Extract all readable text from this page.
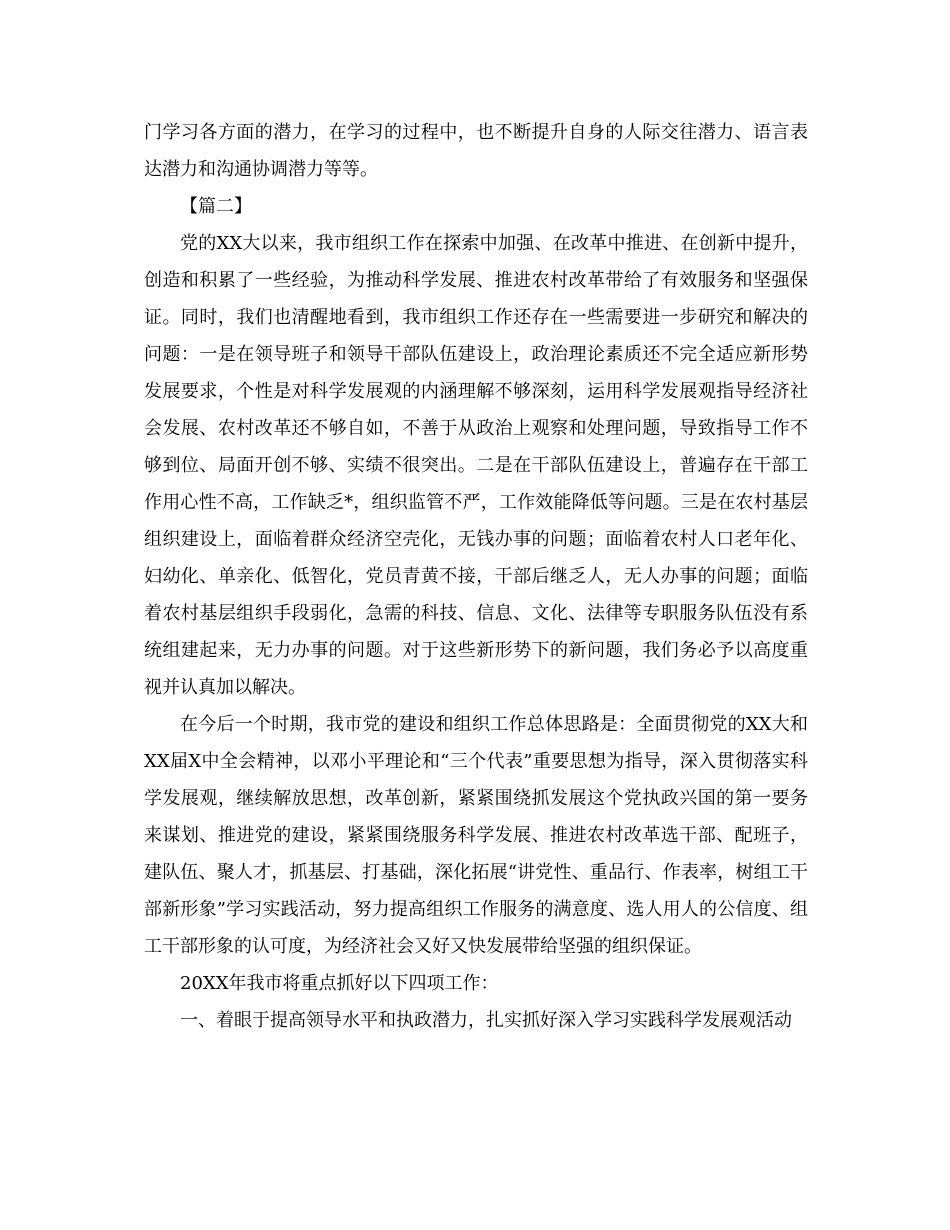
门学习各方面的潜力，在学习的过程中，也不断提升自身的人际交往潜力、语言表达潜力和沟通协调潜力等等。

【篇二】

党的XX大以来，我市组织工作在探索中加强、在改革中推进、在创新中提升，创造和积累了一些经验，为推动科学发展、推进农村改革带给了有效服务和坚强保证。同时，我们也清醒地看到，我市组织工作还存在一些需要进一步研究和解决的问题：一是在领导班子和领导干部队伍建设上，政治理论素质还不完全适应新形势发展要求，个性是对科学发展观的内涵理解不够深刻，运用科学发展观指导经济社会发展、农村改革还不够自如，不善于从政治上观察和处理问题，导致指导工作不够到位、局面开创不够、实绩不很突出。二是在干部队伍建设上，普遍存在干部工作用心性不高，工作缺乏*，组织监管不严，工作效能降低等问题。三是在农村基层组织建设上，面临着群众经济空壳化，无钱办事的问题；面临着农村人口老年化、妇幼化、单亲化、低智化，党员青黄不接，干部后继乏人，无人办事的问题；面临着农村基层组织手段弱化，急需的科技、信息、文化、法律等专职服务队伍没有系统组建起来，无力办事的问题。对于这些新形势下的新问题，我们务必予以高度重视并认真加以解决。

在今后一个时期，我市党的建设和组织工作总体思路是：全面贯彻党的XX大和XX届X中全会精神，以邓小平理论和“三个代表”重要思想为指导，深入贯彻落实科学发展观，继续解放思想，改革创新，紧紧围绕抓发展这个党执政兴国的第一要务来谋划、推进党的建设，紧紧围绕服务科学发展、推进农村改革选干部、配班子，建队伍、聚人才，抓基层、打基础，深化拓展“讲党性、重品行、作表率，树组工干部新形象”学习实践活动，努力提高组织工作服务的满意度、选人用人的公信度、组工干部形象的认可度，为经济社会又好又快发展带给坚强的组织保证。

20XX年我市将重点抓好以下四项工作：

一、着眼于提高领导水平和执政潜力，扎实抓好深入学习实践科学发展观活动
